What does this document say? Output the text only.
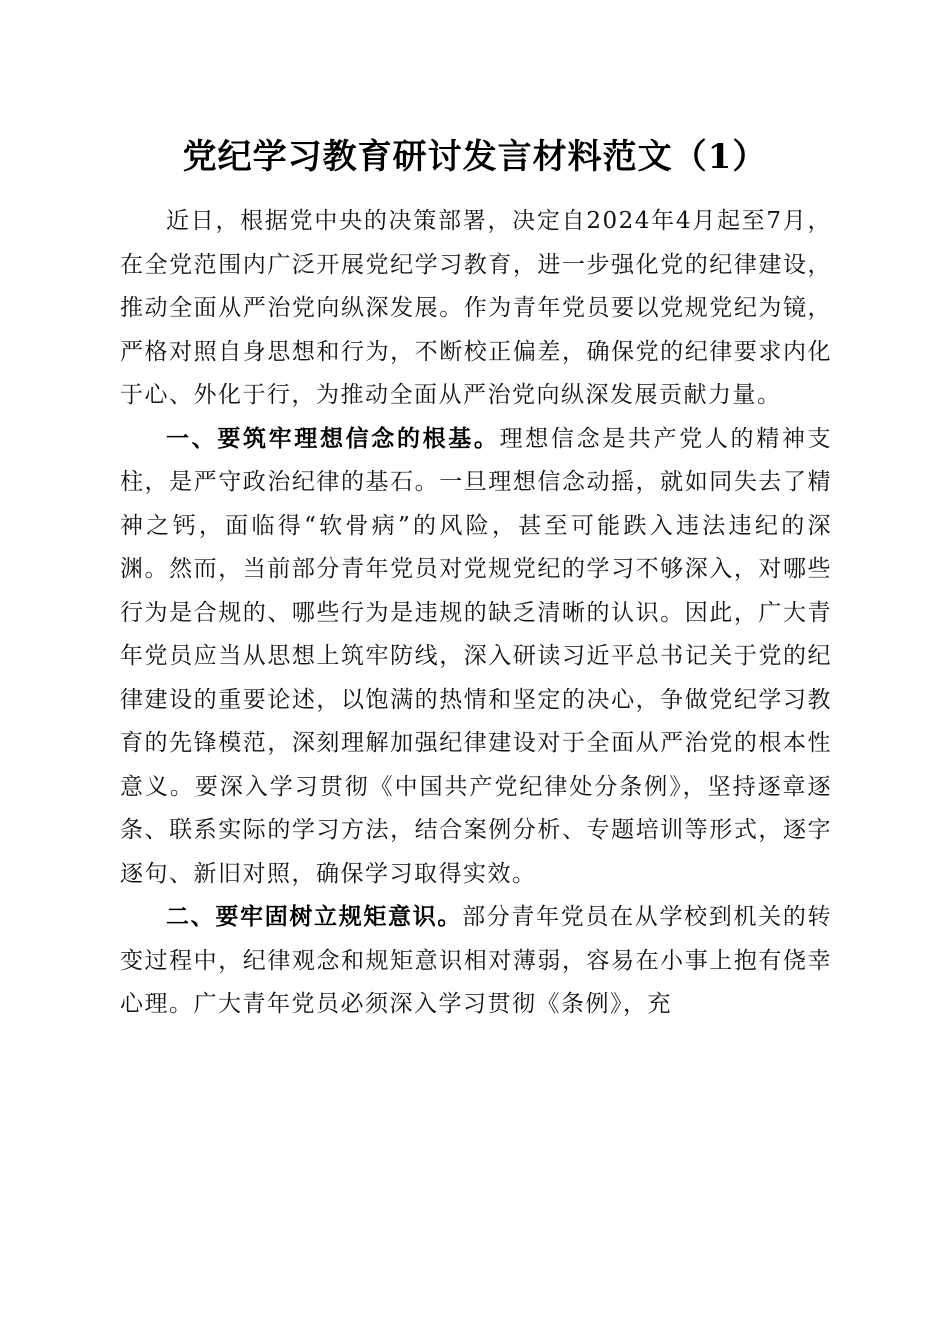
党纪学习教育研讨发言材料范文（1）

近日，根据党中央的决策部署，决定自2024年4月起至7月，在全党范围内广泛开展党纪学习教育，进一步强化党的纪律建设，推动全面从严治党向纵深发展。作为青年党员要以党规党纪为镜，严格对照自身思想和行为，不断校正偏差，确保党的纪律要求内化于心、外化于行，为推动全面从严治党向纵深发展贡献力量。

一、要筑牢理想信念的根基。理想信念是共产党人的精神支柱，是严守政治纪律的基石。一旦理想信念动摇，就如同失去了精神之钙，面临得“软骨病”的风险，甚至可能跌入违法违纪的深渊。然而，当前部分青年党员对党规党纪的学习不够深入，对哪些行为是合规的、哪些行为是违规的缺乏清晰的认识。因此，广大青年党员应当从思想上筑牢防线，深入研读习近平总书记关于党的纪律建设的重要论述，以饱满的热情和坚定的决心，争做党纪学习教育的先锋模范，深刻理解加强纪律建设对于全面从严治党的根本性意义。要深入学习贯彻《中国共产党纪律处分条例》，坚持逐章逐条、联系实际的学习方法，结合案例分析、专题培训等形式，逐字逐句、新旧对照，确保学习取得实效。

二、要牢固树立规矩意识。部分青年党员在从学校到机关的转变过程中，纪律观念和规矩意识相对薄弱，容易在小事上抱有侥幸心理。广大青年党员必须深入学习贯彻《条例》，充
